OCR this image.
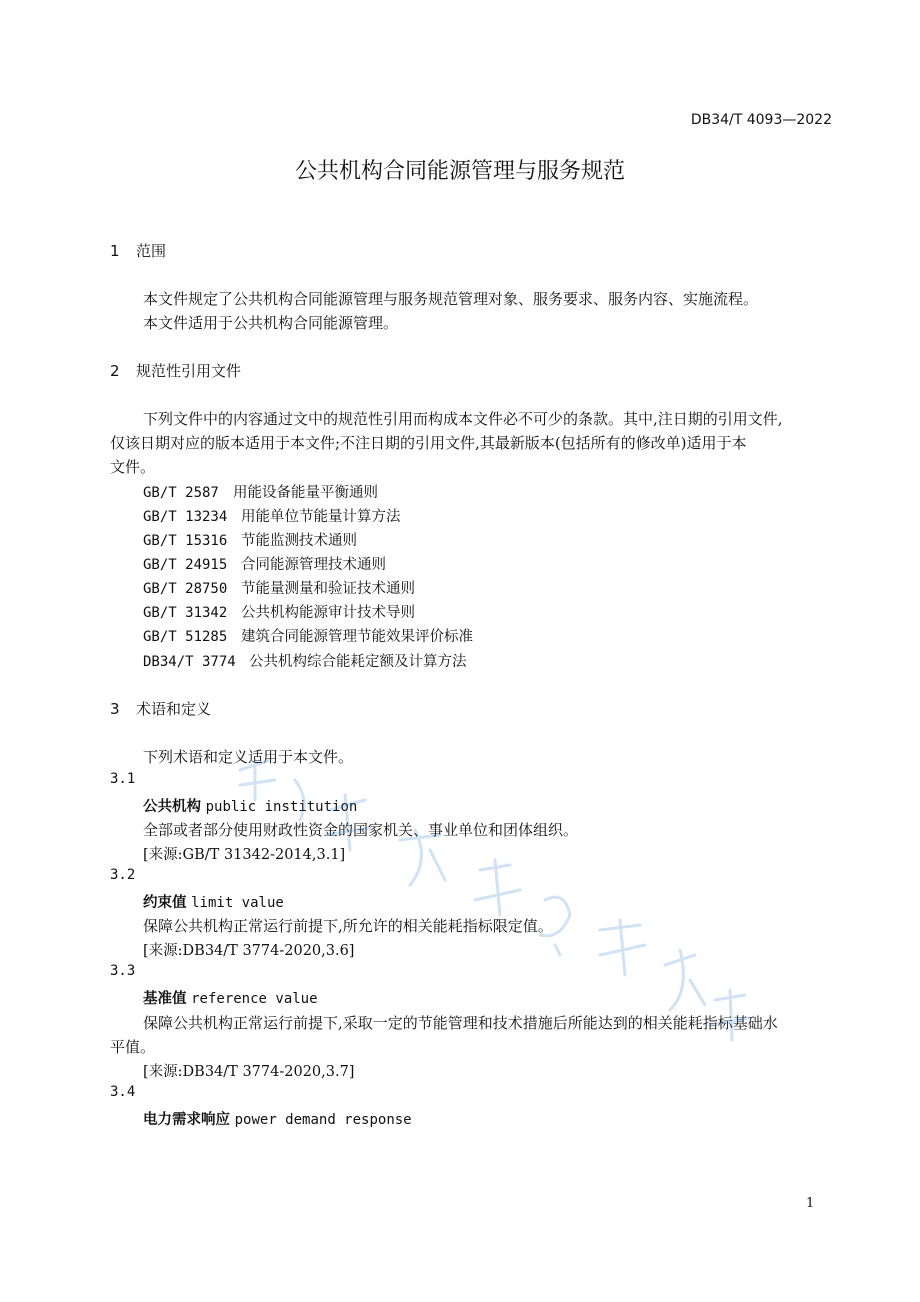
DB34/T 4093—2022

公共机构合同能源管理与服务规范
1 范围

本文件规定了公共机构合同能源管理与服务规范管理对象、服务要求、服务内容、实施流程。

本文件适用于公共机构合同能源管理。

2 规范性引用文件

下列文件中的内容通过文中的规范性引用而构成本文件必不可少的条款。其中,注日期的引用文件,

仅该日期对应的版本适用于本文件;不注日期的引用文件,其最新版本(包括所有的修改单)适用于本

文件。

GB/T 2587 用能设备能量平衡通则
GB/T 13234 用能单位节能量计算方法
GB/T 15316 节能监测技术通则
GB/T 24915 合同能源管理技术通则
GB/T 28750 节能量测量和验证技术通则
GB/T 31342 公共机构能源审计技术导则
GB/T 51285 建筑合同能源管理节能效果评价标准
DB34/T 3774 公共机构综合能耗定额及计算方法
3 术语和定义

下列术语和定义适用于本文件。

3.1

公共机构 public institution

全部或者部分使用财政性资金的国家机关、事业单位和团体组织。

[来源:GB/T 31342-2014,3.1]

3.2

约束值 limit value

保障公共机构正常运行前提下,所允许的相关能耗指标限定值。

[来源:DB34/T 3774-2020,3.6]

3.3

基准值 reference value

保障公共机构正常运行前提下,采取一定的节能管理和技术措施后所能达到的相关能耗指标基础水

平值。

[来源:DB34/T 3774-2020,3.7]

3.4

电力需求响应 power demand response

1
